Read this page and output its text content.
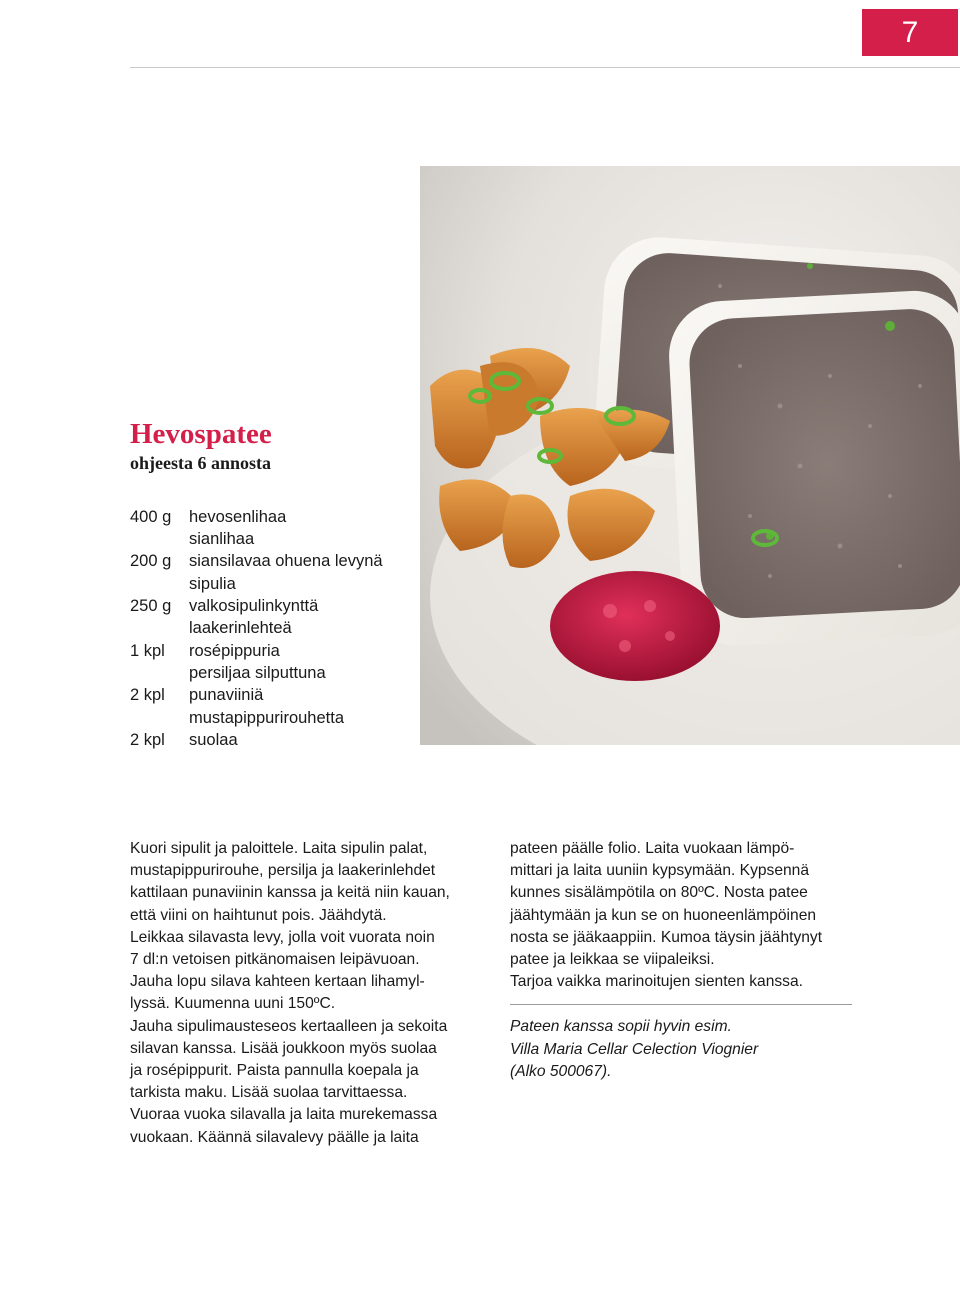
7
Hevospatee
ohjeesta 6 annosta
400 g	hevosenlihaa
sianlihaa
200 g	siansilavaa ohuena levynä
sipulia
250 g	valkosipulinkynttä
laakerinlehteä
1 kpl	rosépippuria
persiljaa silputtuna
2 kpl	punaviiniä
mustapippurirouhetta
2 kpl	suolaa

Kuori sipulit ja paloittele. Laita sipulin palat,

mustapippurirouhe, persilja ja laakerinlehdet

kattilaan punaviinin kanssa ja keitä niin kauan,

että viini on haihtunut pois. Jäähdytä.

Leikkaa silavasta levy, jolla voit vuorata noin

7 dl:n vetoisen pitkänomaisen leipävuoan.

Jauha lopu silava kahteen kertaan lihamyl-

lyssä. Kuumenna uuni 150ºC.

Jauha sipulimausteseos kertaalleen ja sekoita

silavan kanssa. Lisää joukkoon myös suolaa

ja rosépippurit. Paista pannulla koepala ja

tarkista maku. Lisää suolaa tarvittaessa.

Vuoraa vuoka silavalla ja laita murekemassa

vuokaan. Käännä silavalevy päälle ja laita

pateen päälle folio. Laita vuokaan lämpö-

mittari ja laita uuniin kypsymään. Kypsennä

kunnes sisälämpötila on 80ºC. Nosta patee

jäähtymään ja kun se on huoneenlämpöinen

nosta se jääkaappiin. Kumoa täysin jäähtynyt

patee ja leikkaa se viipaleiksi.

Tarjoa vaikka marinoitujen sienten kanssa.

Pateen kanssa sopii hyvin esim.

Villa Maria Cellar Celection Viognier

(Alko 500067).
